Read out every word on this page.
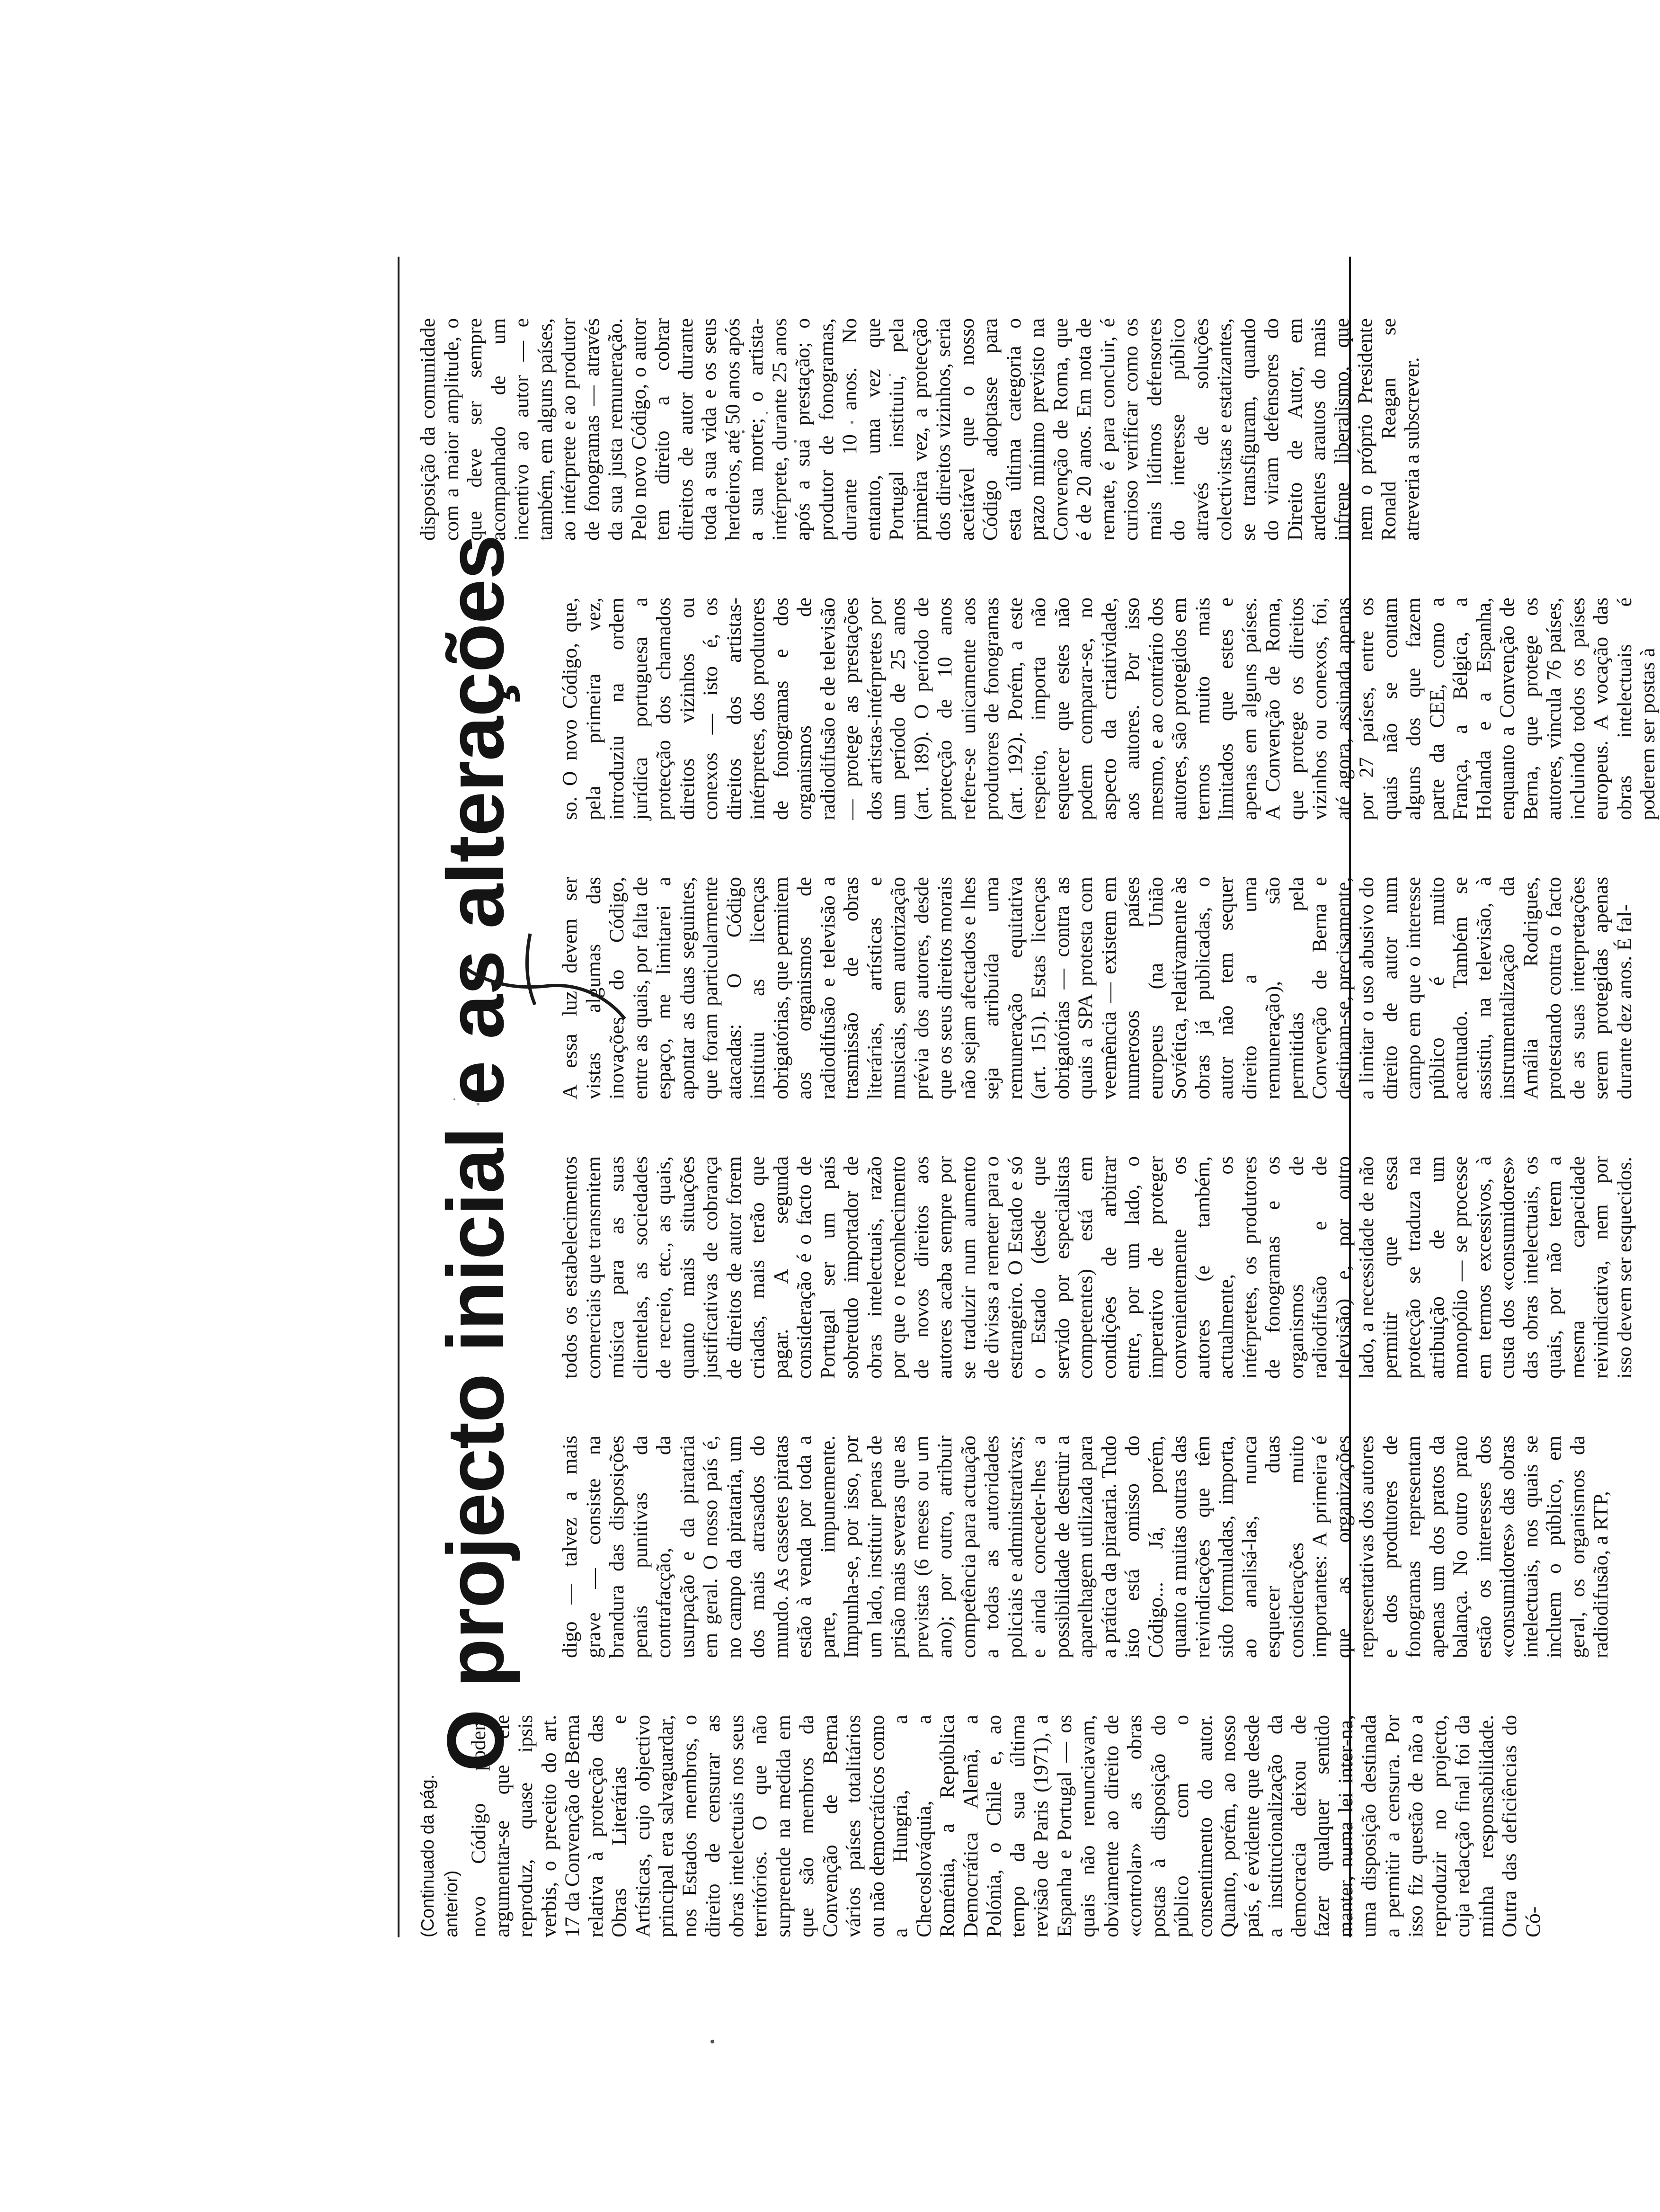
O projecto inicial e as alterações
(Continuado da pág. anterior) novo Código poderá argumentar-se que ele reproduz, quase ipsis verbis, o preceito do art. 17 da Convenção de Berna relativa à protecção das Obras Literárias e Artísticas, cujo objectivo principal era salvaguardar, nos Estados membros, o direito de censurar as obras intelectuais nos seus territórios. O que não surpreende na medida em que são membros da Convenção de Berna vários países totalitários ou não democráticos como a Hungria, a Checoslováquia, a Roménia, a República Democrática Alemã, a Polónia, o Chile e, ao tempo da sua última revisão de Paris (1971), a Espanha e Portugal — os quais não renunciavam, obviamente ao direito de «controlar» as obras postas à disposição do público com o consentimento do autor. Quanto, porém, ao nosso país, é evidente que desde a institucionalização da democracia deixou de fazer qualquer sentido manter, numa lei inter-na, uma disposição destinada a permitir a censura. Por isso fiz questão de não a reproduzir no projecto, cuja redacção final foi da minha responsabilidade. Outra das deficiências do Có-
digo — talvez a mais grave — consiste na brandura das disposições penais punitivas da contrafacção, da usurpação e da pirataria em geral. O nosso país é, no campo da pirataria, um dos mais atrasados do mundo. As cassetes piratas estão à venda por toda a parte, impunemente. Impunha-se, por isso, por um lado, instituir penas de prisão mais severas que as previstas (6 meses ou um ano); por outro, atribuir competência para actuação a todas as autoridades policiais e administrativas; e ainda conceder-lhes a possibilidade de destruir a aparelhagem utilizada para a prática da pirataria. Tudo isto está omisso do Código... Já, porém, quanto a muitas outras das reivindicações que têm sido formuladas, importa, ao analisá-las, nunca esquecer duas considerações muito importantes: A primeira é que as organizações representativas dos autores e dos produtores de fonogramas representam apenas um dos pratos da balança. No outro prato estão os interesses dos «consumidores» das obras intelectuais, nos quais se incluem o público, em geral, os organismos da radiodifusão, a RTP,
todos os estabelecimentos comerciais que transmitem música para as suas clientelas, as sociedades de recreio, etc., as quais, quanto mais situações justificativas de cobrança de direitos de autor forem criadas, mais terão que pagar. A segunda consideração é o facto de Portugal ser um país sobretudo importador de obras intelectuais, razão por que o reconhecimento de novos direitos aos autores acaba sempre por se traduzir num aumento de divisas a remeter para o estrangeiro. O Estado e só o Estado (desde que servido por especialistas competentes) está em condições de arbitrar entre, por um lado, o imperativo de proteger convenientemente os autores (e também, actualmente, os intérpretes, os produtores de fonogramas e os organismos de radiodifusão e de televisão) e, por outro lado, a necessidade de não permitir que essa protecção se traduza na atribuição de um monopólio — se processe em termos excessivos, à custa dos «consumidores» das obras intelectuais, os quais, por não terem a mesma capacidade reivindicativa, nem por isso devem ser esquecidos.
A essa luz devem ser vistas algumas das inovações do Código, entre as quais, por falta de espaço, me limitarei a apontar as duas seguintes, que foram particularmente atacadas: O Código instituiu as licenças obrigatórias, que permitem aos organismos de radiodifusão e televisão a trasmissão de obras literárias, artísticas e musicais, sem autorização prévia dos autores, desde que os seus direitos morais não sejam afectados e lhes seja atribuída uma remuneração equitativa (art. 151). Estas licenças obrigatórias — contra as quais a SPA protesta com veemência — existem em numerosos países europeus (na União Soviética, relativamente às obras já publicadas, o autor não tem sequer direito a uma remuneração), são permitidas pela Convenção de Berna e destinam-se, precisamente, a limitar o uso abusivo do direito de autor num campo em que o interesse público é muito acentuado. Também se assistiu, na televisão, à instrumentalização da Amália Rodrigues, protestando contra o facto de as suas interpretações serem protegidas apenas durante dez anos. É fal-
so. O novo Código, que, pela primeira vez, introduziu na ordem jurídica portuguesa a protecção dos chamados direitos vizinhos ou conexos — isto é, os direitos dos artistas-intérpretes, dos produtores de fonogramas e dos organismos de radiodifusão e de televisão — protege as prestações dos artistas-intérpretes por um período de 25 anos (art. 189). O período de protecção de 10 anos refere-se unicamente aos produtores de fonogramas (art. 192). Porém, a este respeito, importa não esquecer que estes não podem comparar-se, no aspecto da criatividade, aos autores. Por isso mesmo, e ao contrário dos autores, são protegidos em termos muito mais limitados que estes e apenas em alguns países. A Convenção de Roma, que protege os direitos vizinhos ou conexos, foi, até agora, assinada apenas por 27 países, entre os quais não se contam alguns dos que fazem parte da CEE, como a França, a Bélgica, a Holanda e a Espanha, enquanto a Convenção de Berna, que protege os autores, vincula 76 países, incluindo todos os países europeus. A vocação das obras intelectuais é poderem ser postas à
disposição da comunidade com a maior amplitude, o que deve ser sempre acompanhado de um incentivo ao autor — e também, em alguns países, ao intérprete e ao produtor de fonogramas — através da sua justa remuneração. Pelo novo Código, o autor tem direito a cobrar direitos de autor durante toda a sua vida e os seus herdeiros, até 50 anos após a sua morte; o artista-intérprete, durante 25 anos após a sua prestação; o produtor de fonogramas, durante 10 anos. No entanto, uma vez que Portugal instituiu, pela primeira vez, a protecção dos direitos vizinhos, seria aceitável que o nosso Código adoptasse para esta última categoria o prazo mínimo previsto na Convenção de Roma, que é de 20 anos. Em nota de remate, é para concluir, é curioso verificar como os mais lídimos defensores do interesse público através de soluções colectivistas e estatizantes, se transfiguram, quando do viram defensores do Direito de Autor, em ardentes arautos do mais infrene liberalismo, que nem o próprio Presidente Ronald Reagan se atreveria a subscrever.
